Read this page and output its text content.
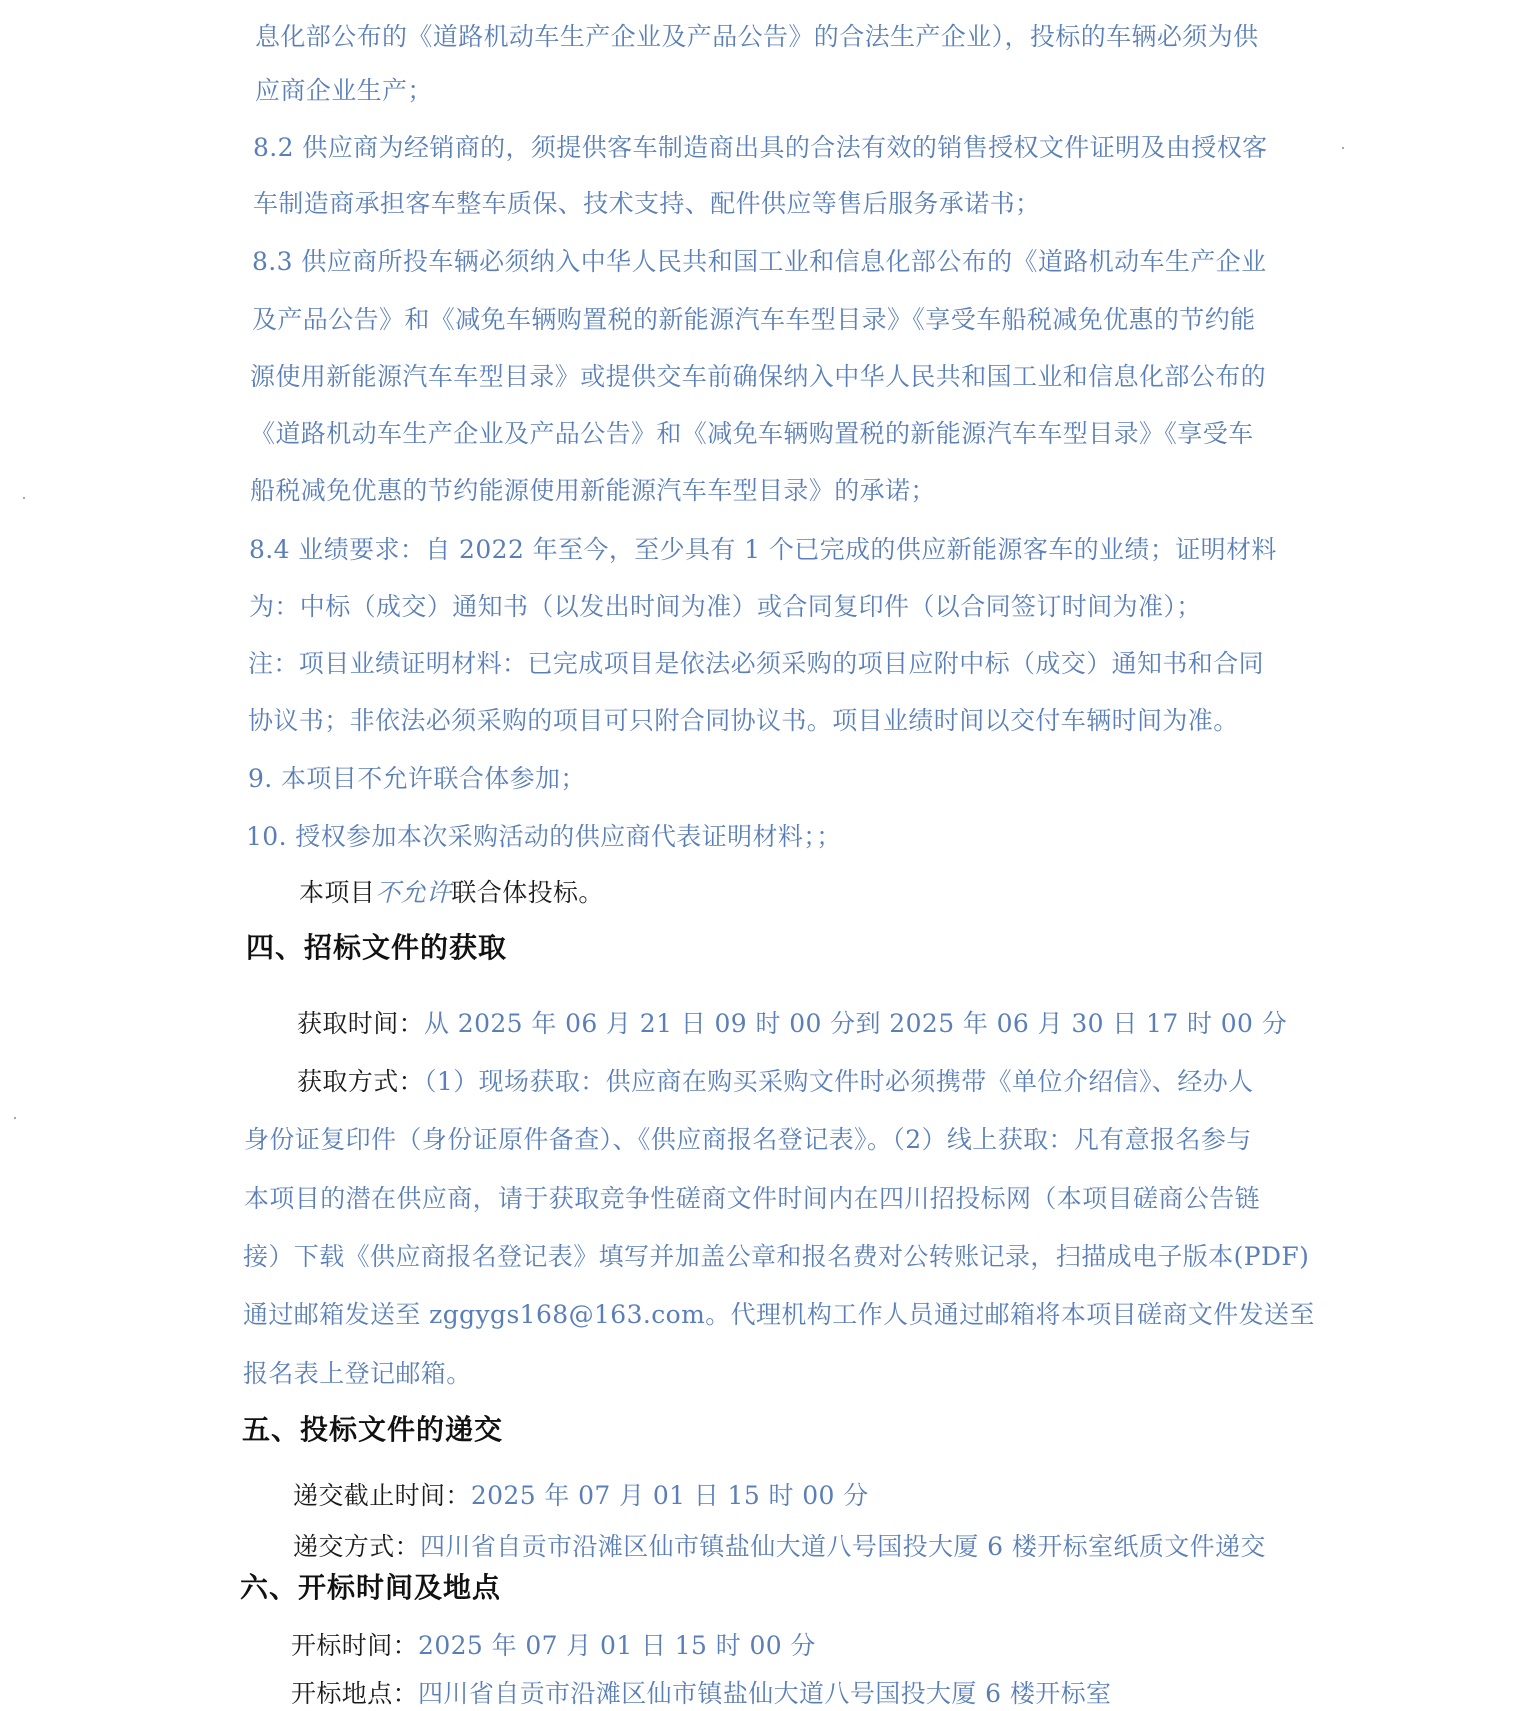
息化部公布的《道路机动车生产企业及产品公告》的合法生产企业），投标的车辆必须为供
应商企业生产；
8.2 供应商为经销商的，须提供客车制造商出具的合法有效的销售授权文件证明及由授权客
车制造商承担客车整车质保、技术支持、配件供应等售后服务承诺书；
8.3 供应商所投车辆必须纳入中华人民共和国工业和信息化部公布的《道路机动车生产企业
及产品公告》和《减免车辆购置税的新能源汽车车型目录》《享受车船税减免优惠的节约能
源使用新能源汽车车型目录》或提供交车前确保纳入中华人民共和国工业和信息化部公布的
《道路机动车生产企业及产品公告》和《减免车辆购置税的新能源汽车车型目录》《享受车
船税减免优惠的节约能源使用新能源汽车车型目录》的承诺；
8.4 业绩要求：自 2022 年至今，至少具有 1 个已完成的供应新能源客车的业绩；证明材料
为：中标（成交）通知书（以发出时间为准）或合同复印件（以合同签订时间为准）；
注：项目业绩证明材料：已完成项目是依法必须采购的项目应附中标（成交）通知书和合同
协议书；非依法必须采购的项目可只附合同协议书。项目业绩时间以交付车辆时间为准。
9. 本项目不允许联合体参加；
10. 授权参加本次采购活动的供应商代表证明材料；；
本项目不允许联合体投标。
四、招标文件的获取
获取时间：从 2025 年 06 月 21 日 09 时 00 分到 2025 年 06 月 30 日 17 时 00 分
获取方式：（1）现场获取：供应商在购买采购文件时必须携带《单位介绍信》、经办人
身份证复印件（身份证原件备查）、《供应商报名登记表》。（2）线上获取：凡有意报名参与
本项目的潜在供应商，请于获取竞争性磋商文件时间内在四川招投标网（本项目磋商公告链
接）下载《供应商报名登记表》填写并加盖公章和报名费对公转账记录，扫描成电子版本(PDF)
通过邮箱发送至 zggygs168@163.com。代理机构工作人员通过邮箱将本项目磋商文件发送至
报名表上登记邮箱。
五、投标文件的递交
递交截止时间：2025 年 07 月 01 日 15 时 00 分
递交方式：四川省自贡市沿滩区仙市镇盐仙大道八号国投大厦 6 楼开标室纸质文件递交
六、开标时间及地点
开标时间：2025 年 07 月 01 日 15 时 00 分
开标地点：四川省自贡市沿滩区仙市镇盐仙大道八号国投大厦 6 楼开标室
